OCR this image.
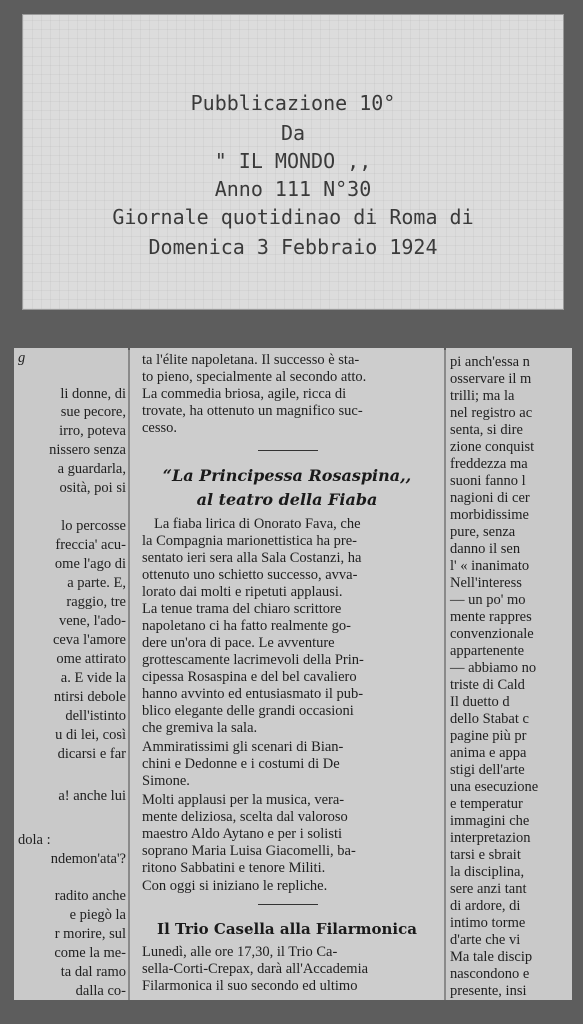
Pubblicazione 10°
Da
" IL MONDO ,,
Anno 111 N°30
Giornale quotidinao di Roma di
Domenica 3 Febbraio 1924
g
li donne, di
sue pecore,
irro, poteva
nissero senza
a guardarla,
osità, poi si
lo percosse
freccia' acu-
ome l'ago di
a parte. E,
raggio, tre
vene, l'ado-
ceva l'amore
ome attirato
a. E vide la
ntirsi debole
dell'istinto
u di lei, così
dicarsi e far
a! anche lui
dola :
ndemon'ata'?
radito anche
e piegò la
r morire, sul
come la me-
ta dal ramo
dalla co-
ta l'élite napoletana. Il successo è sta-
to pieno, specialmente al secondo atto.
La commedia briosa, agile, ricca di
trovate, ha ottenuto un magnifico suc-
cesso.
“La Principessa Rosaspina,,
al teatro della Fiaba
La fiaba lirica di Onorato Fava, che
la Compagnia marionettistica ha pre-
sentato ieri sera alla Sala Costanzi, ha
ottenuto uno schietto successo, avva-
lorato dai molti e ripetuti applausi.
La tenue trama del chiaro scrittore
napoletano ci ha fatto realmente go-
dere un'ora di pace. Le avventure
grottescamente lacrimevoli della Prin-
cipessa Rosaspina e del bel cavaliero
hanno avvinto ed entusiasmato il pub-
blico elegante delle grandi occasioni
che gremiva la sala.
Ammiratissimi gli scenari di Bian-
chini e Dedonne e i costumi di De
Simone.
Molti applausi per la musica, vera-
mente deliziosa, scelta dal valoroso
maestro Aldo Aytano e per i solisti
soprano Maria Luisa Giacomelli, ba-
ritono Sabbatini e tenore Militi.
Con oggi si iniziano le repliche.
Il Trio Casella alla Filarmonica
Lunedì, alle ore 17,30, il Trio Ca-
sella-Corti-Crepax, darà all'Accademia
Filarmonica il suo secondo ed ultimo
pi anch'essa n
osservare il m
trilli; ma la
nel registro ac
senta, si dire
zione conquist
freddezza ma
suoni fanno l
nagioni di cer
morbidissime
pure, senza
danno il sen
l' « inanimato
Nell'interess
— un po' mo
mente rappres
convenzionale
appartenente
— abbiamo no
triste di Cald
Il duetto d
dello Stabat c
pagine più pr
anima e appa
stigi dell'arte
una esecuzione
e temperatur
immagini che
interpretazion
tarsi e sbrait
la disciplina,
sere anzi tant
di ardore, di
intimo torme
d'arte che vi
Ma tale discip
nascondono e
presente, insi
